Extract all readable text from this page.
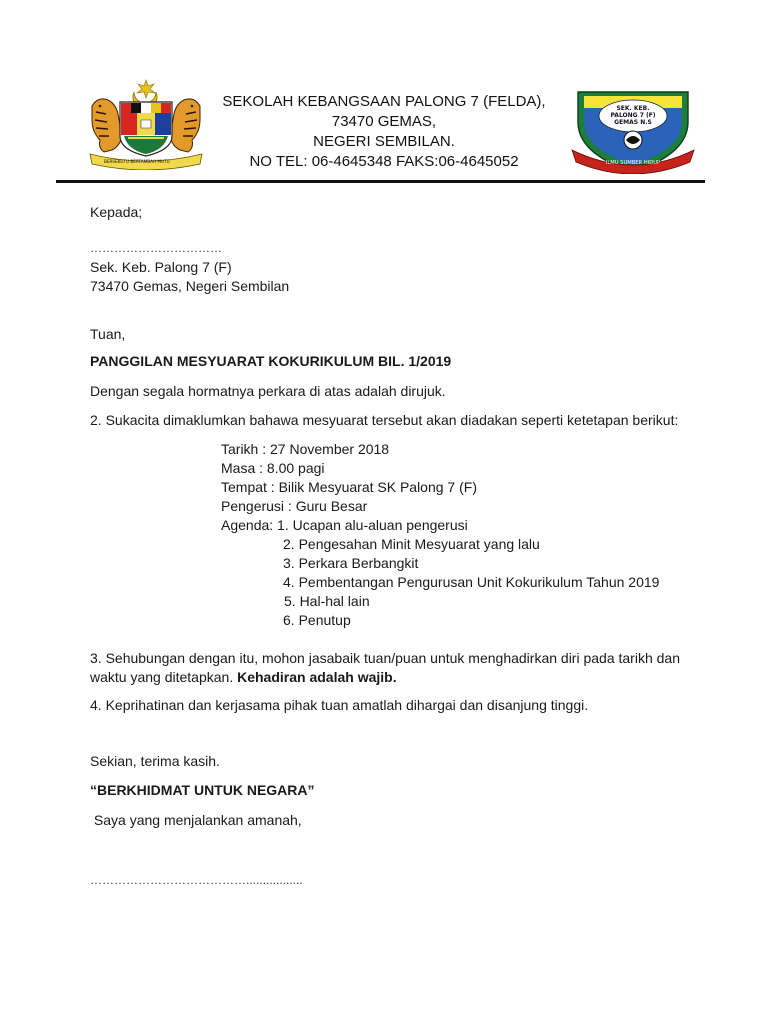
BERSEKUTU BERTAMBAH MUTU
SEKOLAH KEBANGSAAN PALONG 7 (FELDA),
73470 GEMAS,
NEGERI SEMBILAN.
NO TEL: 06-4645348 FAKS:06-4645052
SEK. KEB.
PALONG 7 (F)
GEMAS N.S
ILMU SUMBER HIDUP
Kepada;
……………………………
Sek. Keb. Palong 7 (F)
73470 Gemas, Negeri Sembilan
Tuan,
PANGGILAN MESYUARAT KOKURIKULUM BIL. 1/2019
Dengan segala hormatnya perkara di atas adalah dirujuk.
2. Sukacita dimaklumkan bahawa mesyuarat tersebut akan diadakan seperti ketetapan berikut:
Tarikh : 27 November 2018
Masa : 8.00 pagi
Tempat : Bilik Mesyuarat SK Palong 7 (F)
Pengerusi : Guru Besar
Agenda: 1. Ucapan alu-aluan pengerusi
2. Pengesahan Minit Mesyuarat yang lalu
3. Perkara Berbangkit
4. Pembentangan Pengurusan Unit Kokurikulum Tahun 2019
5. Hal-hal lain
6. Penutup
3. Sehubungan dengan itu, mohon jasabaik tuan/puan untuk menghadirkan diri pada tarikh dan
waktu yang ditetapkan. Kehadiran adalah wajib.
4. Keprihatinan dan kerjasama pihak tuan amatlah dihargai dan disanjung tinggi.
Sekian, terima kasih.
“BERKHIDMAT UNTUK NEGARA”
Saya yang menjalankan amanah,
………………………………….................
